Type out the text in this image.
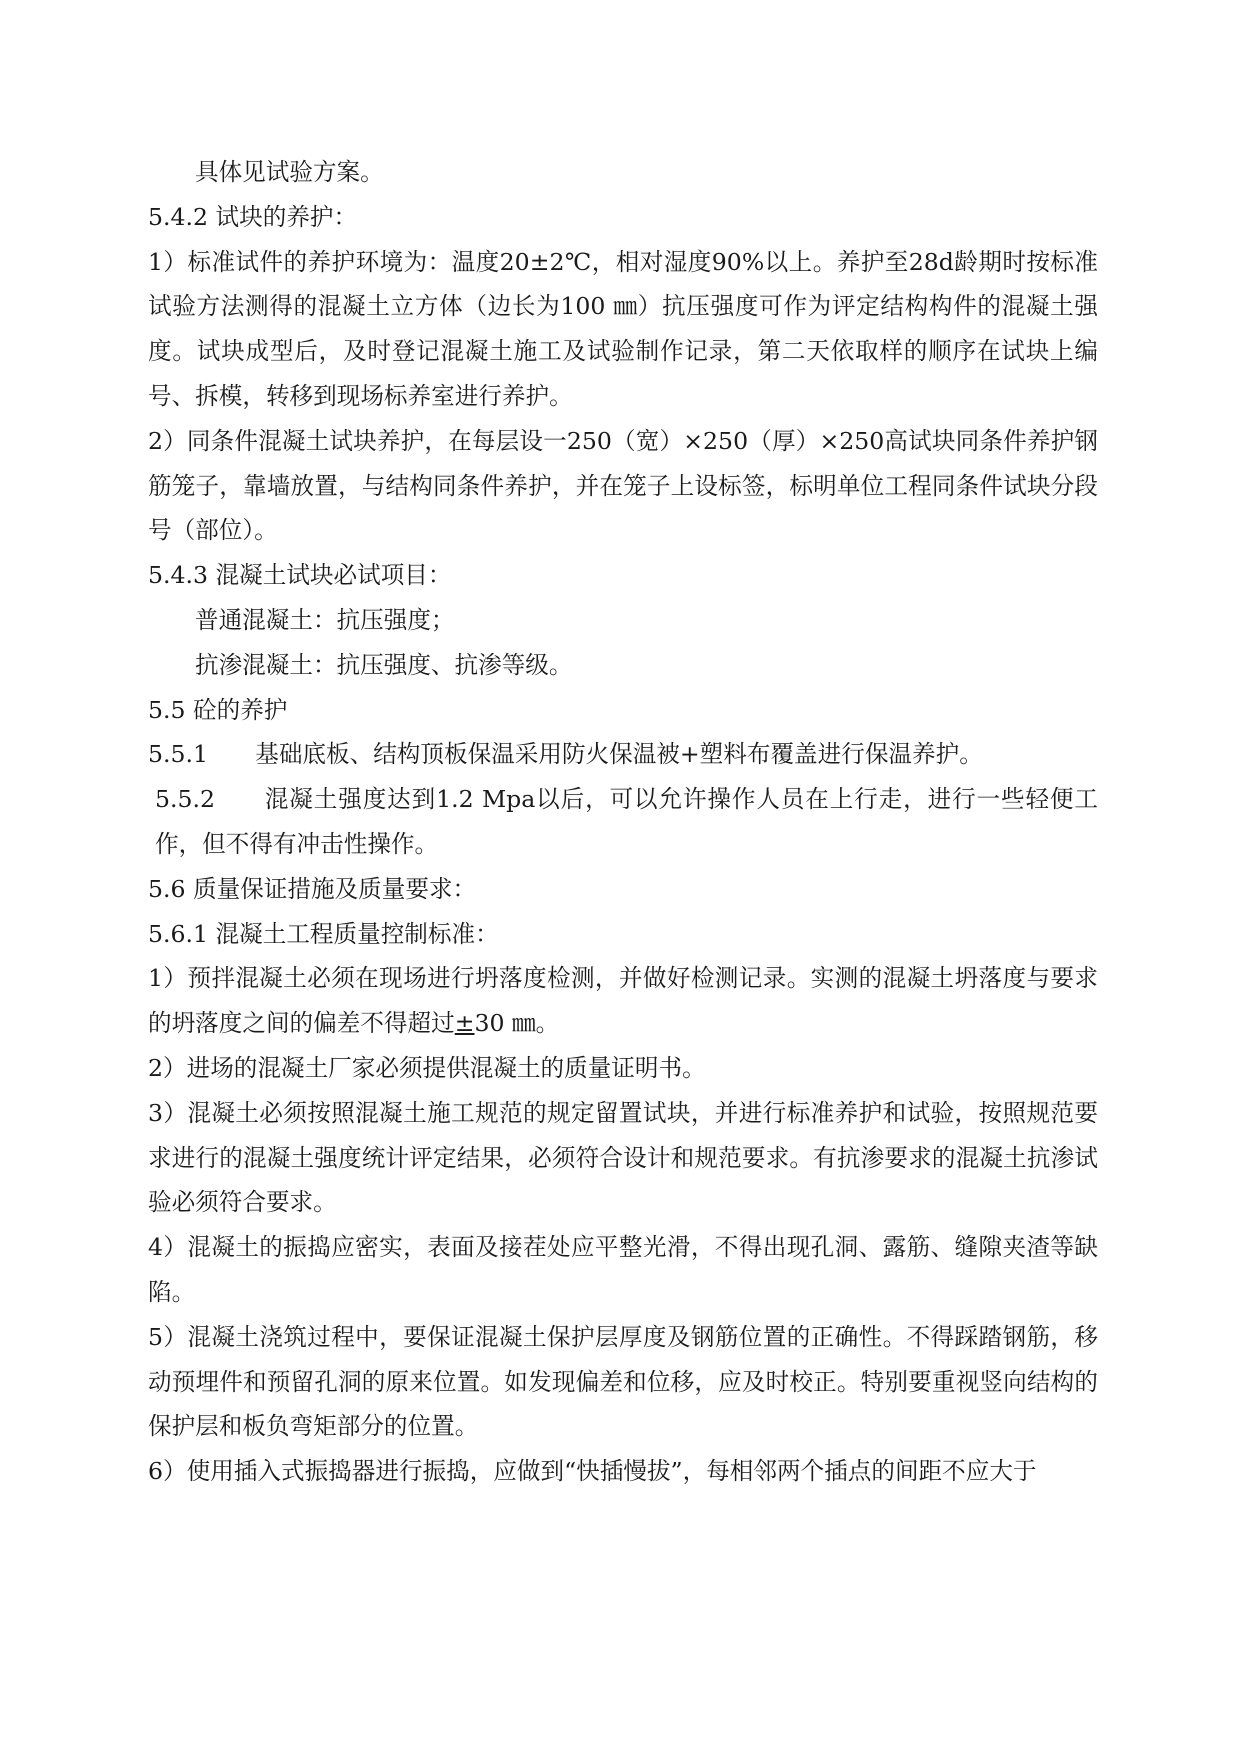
具体见试验方案。

5.4.2 试块的养护：

1）标准试件的养护环境为：温度20±2℃，相对湿度90%以上。养护至28d龄期时按标准试验方法测得的混凝土立方体（边长为100 ㎜）抗压强度可作为评定结构构件的混凝土强度。试块成型后，及时登记混凝土施工及试验制作记录，第二天依取样的顺序在试块上编号、拆模，转移到现场标养室进行养护。

2）同条件混凝土试块养护，在每层设一250（宽）×250（厚）×250高试块同条件养护钢筋笼子，靠墙放置，与结构同条件养护，并在笼子上设标签，标明单位工程同条件试块分段号（部位）。

5.4.3 混凝土试块必试项目：

普通混凝土：抗压强度；

抗渗混凝土：抗压强度、抗渗等级。

5.5 砼的养护

5.5.1　　基础底板、结构顶板保温采用防火保温被+塑料布覆盖进行保温养护。

5.5.2　　混凝土强度达到1.2 Mpa以后，可以允许操作人员在上行走，进行一些轻便工作，但不得有冲击性操作。

5.6 质量保证措施及质量要求：

5.6.1 混凝土工程质量控制标准：

1）预拌混凝土必须在现场进行坍落度检测，并做好检测记录。实测的混凝土坍落度与要求的坍落度之间的偏差不得超过±30 ㎜。

2）进场的混凝土厂家必须提供混凝土的质量证明书。

3）混凝土必须按照混凝土施工规范的规定留置试块，并进行标准养护和试验，按照规范要求进行的混凝土强度统计评定结果，必须符合设计和规范要求。有抗渗要求的混凝土抗渗试验必须符合要求。

4）混凝土的振捣应密实，表面及接茬处应平整光滑，不得出现孔洞、露筋、缝隙夹渣等缺陷。

5）混凝土浇筑过程中，要保证混凝土保护层厚度及钢筋位置的正确性。不得踩踏钢筋，移动预埋件和预留孔洞的原来位置。如发现偏差和位移，应及时校正。特别要重视竖向结构的保护层和板负弯矩部分的位置。

6）使用插入式振捣器进行振捣，应做到“快插慢拔”，每相邻两个插点的间距不应大于
